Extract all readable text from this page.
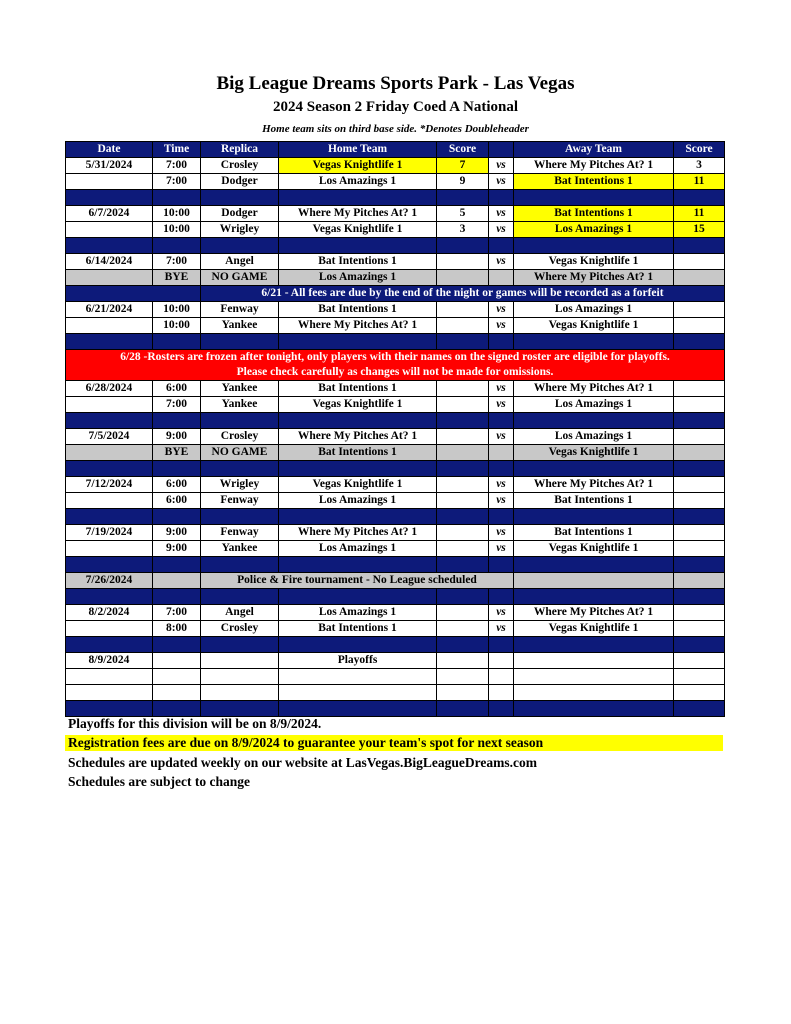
Big League Dreams Sports Park - Las Vegas
2024 Season 2 Friday Coed A National
Home team sits on third base side. *Denotes Doubleheader
Date	Time	Replica	Home Team	Score		Away Team	Score
5/31/2024	7:00	Crosley	Vegas Knightlife 1	7	vs	Where My Pitches At? 1	3
	7:00	Dodger	Los Amazings 1	9	vs	Bat Intentions 1	11

6/7/2024	10:00	Dodger	Where My Pitches At? 1	5	vs	Bat Intentions 1	11
	10:00	Wrigley	Vegas Knightlife 1	3	vs	Los Amazings 1	15

6/14/2024	7:00	Angel	Bat Intentions 1		vs	Vegas Knightlife 1	
	BYE	NO GAME	Los Amazings 1			Where My Pitches At? 1	
		6/21 - All fees are due by the end of the night or games will be recorded as a forfeit					
6/21/2024	10:00	Fenway	Bat Intentions 1		vs	Los Amazings 1	
	10:00	Yankee	Where My Pitches At? 1		vs	Vegas Knightlife 1	

6/28 -Rosters are frozen after tonight, only players with their names on the signed roster are eligible for playoffs.
Please check carefully as changes will not be made for omissions.							

6/28/2024	6:00	Yankee	Bat Intentions 1		vs	Where My Pitches At? 1	
	7:00	Yankee	Vegas Knightlife 1		vs	Los Amazings 1	

7/5/2024	9:00	Crosley	Where My Pitches At? 1		vs	Los Amazings 1	
	BYE	NO GAME	Bat Intentions 1			Vegas Knightlife 1	

7/12/2024	6:00	Wrigley	Vegas Knightlife 1		vs	Where My Pitches At? 1	
	6:00	Fenway	Los Amazings 1		vs	Bat Intentions 1	

7/19/2024	9:00	Fenway	Where My Pitches At? 1		vs	Bat Intentions 1	
	9:00	Yankee	Los Amazings 1		vs	Vegas Knightlife 1	

7/26/2024		Police & Fire tournament - No League scheduled					

8/2/2024	7:00	Angel	Los Amazings 1		vs	Where My Pitches At? 1	
	8:00	Crosley	Bat Intentions 1		vs	Vegas Knightlife 1	

8/9/2024			Playoffs				

Playoffs for this division will be on 8/9/2024.
Registration fees are due on 8/9/2024 to guarantee your team's spot for next season
Schedules are updated weekly on our website at LasVegas.BigLeagueDreams.com
Schedules are subject to change
